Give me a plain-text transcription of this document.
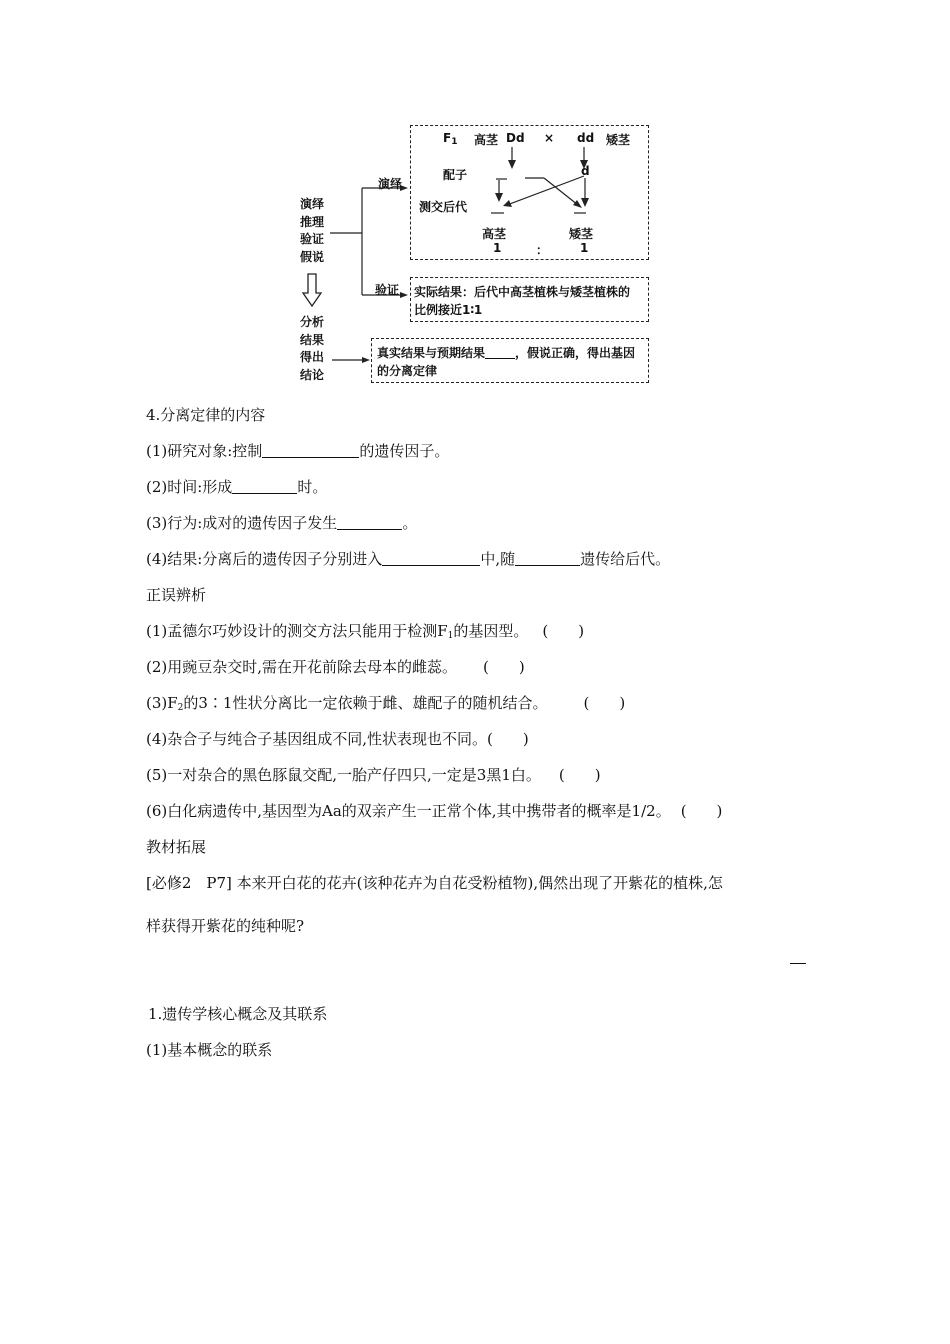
演绎
推理
验证
假说
分析
结果
得出
结论
演绎
验证
$F_1$ 高茎 Dd × dd 矮茎
配子	d
测交后代
高茎	矮茎
1	：	1
实际结果：后代中高茎植株与矮茎植株的
比例接近1∶1
真实结果与预期结果	，假说正确，得出基因
的分离定律
4.分离定律的内容
(1)研究对象:控制	的遗传因子。
(2)时间:形成	时。
(3)行为:成对的遗传因子发生	。
(4)结果:分离后的遗传因子分别进入	中,随	遗传给后代。
正误辨析
(1)孟德尔巧妙设计的测交方法只能用于检测$F_1$的基因型。 (　　)
(2)用豌豆杂交时,需在开花前除去母本的雌蕊。 (　　)
$(3)F_2$的3∶1性状分离比一定依赖于雌、雄配子的随机结合。 (　　)
(4)杂合子与纯合子基因组成不同,性状表现也不同。(　　)
(5)一对杂合的黑色豚鼠交配,一胎产仔四只,一定是3黑1白。 (　　)
(6)白化病遗传中,基因型为Aa的双亲产生一正常个体,其中携带者的概率是1/2。 (　　)
教材拓展
[必修2　P7] 本来开白花的花卉(该种花卉为自花受粉植物),偶然出现了开紫花的植株,怎
样获得开紫花的纯种呢?
1.遗传学核心概念及其联系
(1)基本概念的联系
